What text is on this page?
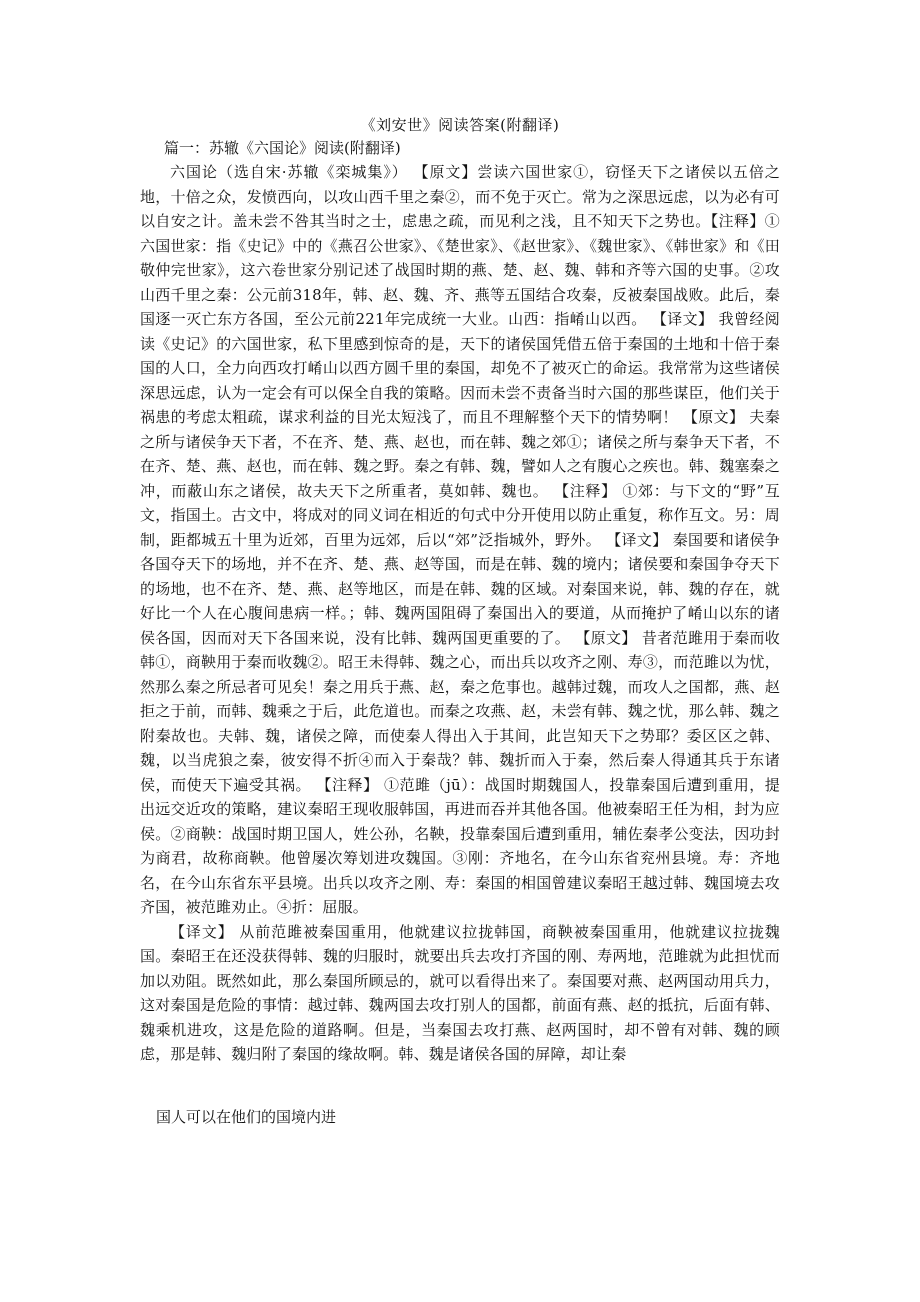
《刘安世》阅读答案(附翻译)
篇一：苏辙《六国论》阅读(附翻译)

六国论（选自宋·苏辙《栾城集》） 【原文】尝读六国世家①，窃怪天下之诸侯以五倍之地，十倍之众，发愤西向，以攻山西千里之秦②，而不免于灭亡。常为之深思远虑，以为必有可以自安之计。盖未尝不咎其当时之士，虑患之疏，而见利之浅，且不知天下之势也。【注释】①六国世家：指《史记》中的《燕召公世家》、《楚世家》、《赵世家》、《魏世家》、《韩世家》和《田敬仲完世家》，这六卷世家分别记述了战国时期的燕、楚、赵、魏、韩和齐等六国的史事。②攻山西千里之秦：公元前318年，韩、赵、魏、齐、燕等五国结合攻秦，反被秦国战败。此后，秦国逐一灭亡东方各国，至公元前221年完成统一大业。山西：指崤山以西。 【译文】 我曾经阅读《史记》的六国世家，私下里感到惊奇的是，天下的诸侯国凭借五倍于秦国的土地和十倍于秦国的人口，全力向西攻打崤山以西方圆千里的秦国，却免不了被灭亡的命运。我常常为这些诸侯深思远虑，认为一定会有可以保全自我的策略。因而未尝不责备当时六国的那些谋臣，他们关于祸患的考虑太粗疏，谋求利益的目光太短浅了，而且不理解整个天下的情势啊！ 【原文】 夫秦之所与诸侯争天下者，不在齐、楚、燕、赵也，而在韩、魏之郊①；诸侯之所与秦争天下者，不在齐、楚、燕、赵也，而在韩、魏之野。秦之有韩、魏，譬如人之有腹心之疾也。韩、魏塞秦之冲，而蔽山东之诸侯，故夫天下之所重者，莫如韩、魏也。 【注释】 ①郊：与下文的“野”互文，指国土。古文中，将成对的同义词在相近的句式中分开使用以防止重复，称作互文。另：周制，距都城五十里为近郊，百里为远郊，后以“郊”泛指城外，野外。 【译文】 秦国要和诸侯争各国夺天下的场地，并不在齐、楚、燕、赵等国，而是在韩、魏的境内；诸侯要和秦国争夺天下的场地，也不在齐、楚、燕、赵等地区，而是在韩、魏的区域。对秦国来说，韩、魏的存在，就好比一个人在心腹间患病一样。；韩、魏两国阻碍了秦国出入的要道，从而掩护了崤山以东的诸侯各国，因而对天下各国来说，没有比韩、魏两国更重要的了。 【原文】 昔者范雎用于秦而收韩①，商鞅用于秦而收魏②。昭王未得韩、魏之心，而出兵以攻齐之刚、寿③，而范雎以为忧，然那么秦之所忌者可见矣！秦之用兵于燕、赵，秦之危事也。越韩过魏，而攻人之国都，燕、赵拒之于前，而韩、魏乘之于后，此危道也。而秦之攻燕、赵，未尝有韩、魏之忧，那么韩、魏之附秦故也。夫韩、魏，诸侯之障，而使秦人得出入于其间，此岂知天下之势耶？委区区之韩、魏，以当虎狼之秦，彼安得不折④而入于秦哉？韩、魏折而入于秦，然后秦人得通其兵于东诸侯，而使天下遍受其祸。 【注释】 ①范雎（jū）：战国时期魏国人，投靠秦国后遭到重用，提出远交近攻的策略，建议秦昭王现收服韩国，再进而吞并其他各国。他被秦昭王任为相，封为应侯。②商鞅：战国时期卫国人，姓公孙，名鞅，投靠秦国后遭到重用，辅佐秦孝公变法，因功封为商君，故称商鞅。他曾屡次筹划进攻魏国。③刚：齐地名，在今山东省兖州县境。寿：齐地名，在今山东省东平县境。出兵以攻齐之刚、寿：秦国的相国曾建议秦昭王越过韩、魏国境去攻齐国，被范雎劝止。④折：屈服。

【译文】 从前范雎被秦国重用，他就建议拉拢韩国，商鞅被秦国重用，他就建议拉拢魏国。秦昭王在还没获得韩、魏的归服时，就要出兵去攻打齐国的刚、寿两地，范雎就为此担忧而加以劝阻。既然如此，那么秦国所顾忌的，就可以看得出来了。秦国要对燕、赵两国动用兵力，这对秦国是危险的事情：越过韩、魏两国去攻打别人的国都，前面有燕、赵的抵抗，后面有韩、魏乘机进攻，这是危险的道路啊。但是，当秦国去攻打燕、赵两国时，却不曾有对韩、魏的顾虑，那是韩、魏归附了秦国的缘故啊。韩、魏是诸侯各国的屏障，却让秦

国人可以在他们的国境内进
